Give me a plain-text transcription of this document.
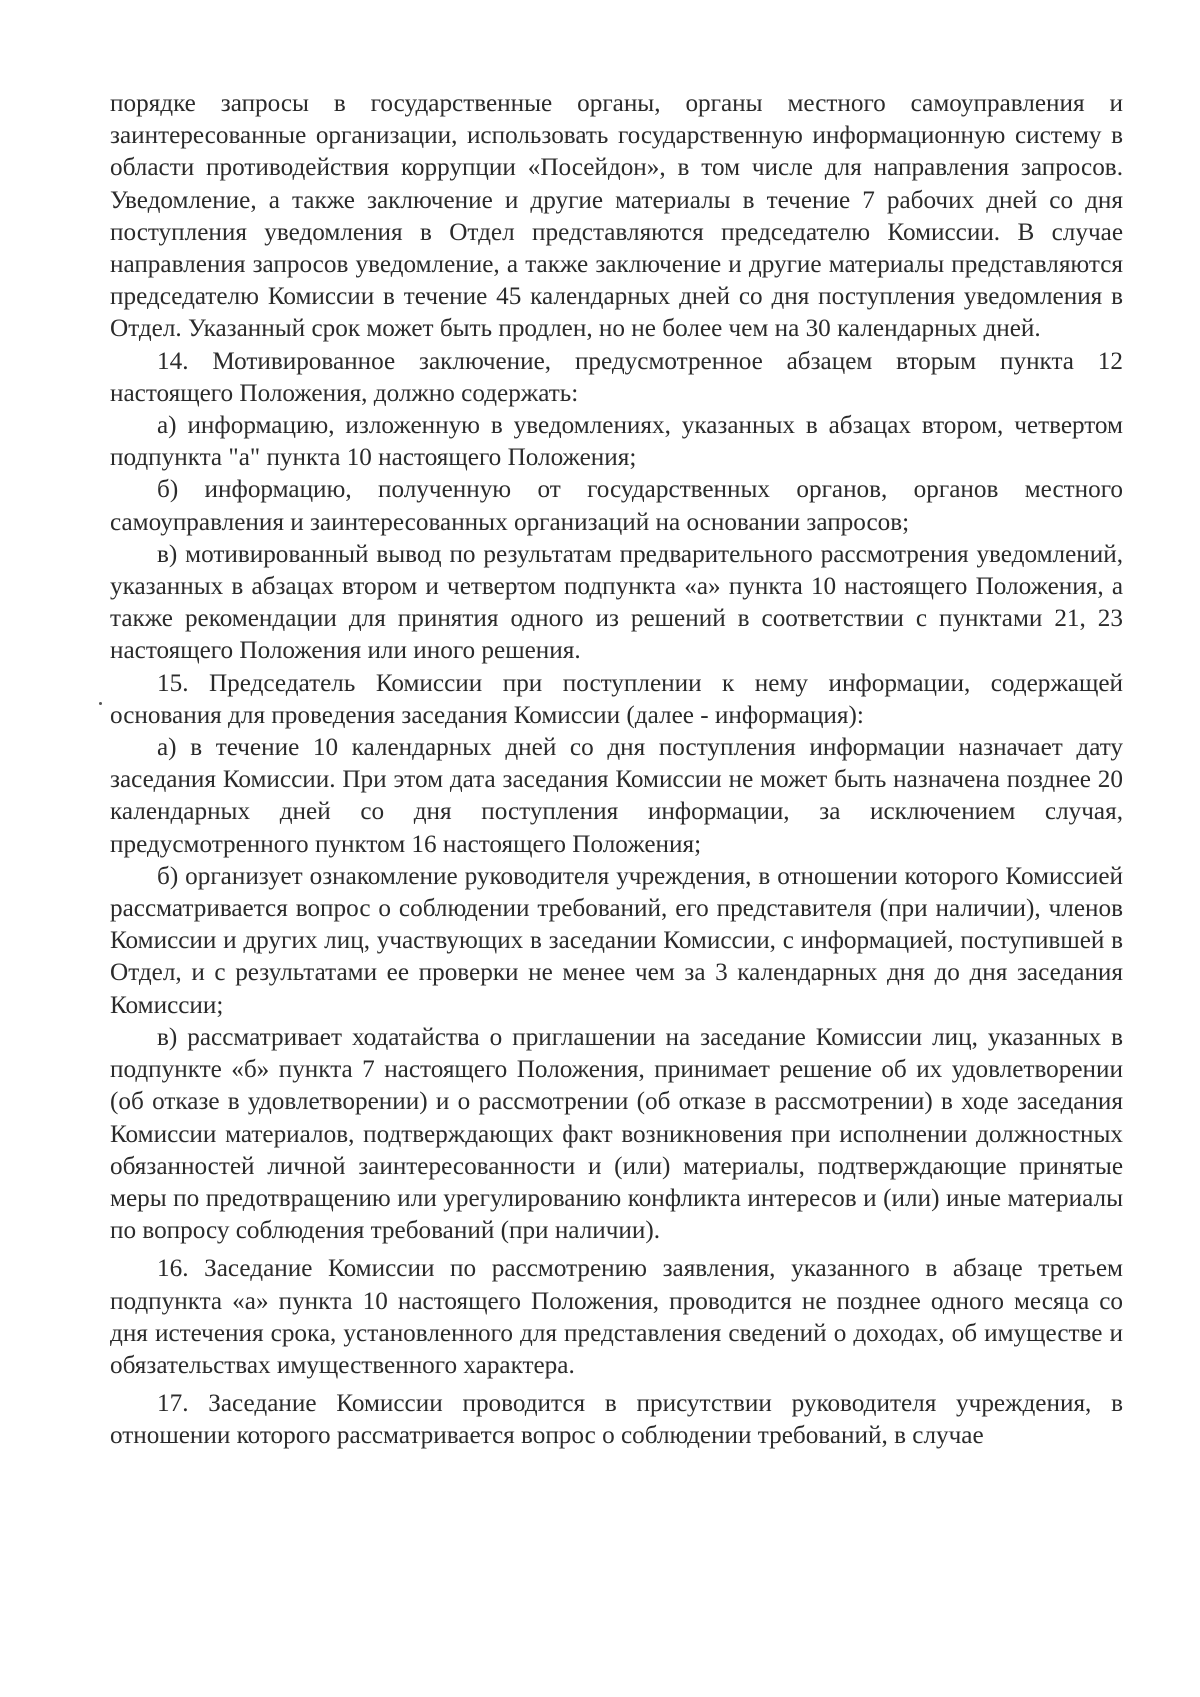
порядке запросы в государственные органы, органы местного самоуправления и заинтересованные организации, использовать государственную информационную систему в области противодействия коррупции «Посейдон», в том числе для направления запросов. Уведомление, а также заключение и другие материалы в течение 7 рабочих дней со дня поступления уведомления в Отдел представляются председателю Комиссии. В случае направления запросов уведомление, а также заключение и другие материалы представляются председателю Комиссии в течение 45 календарных дней со дня поступления уведомления в Отдел. Указанный срок может быть продлен, но не более чем на 30 календарных дней.

14. Мотивированное заключение, предусмотренное абзацем вторым пункта 12 настоящего Положения, должно содержать:

а) информацию, изложенную в уведомлениях, указанных в абзацах втором, четвертом подпункта "а" пункта 10 настоящего Положения;

б) информацию, полученную от государственных органов, органов местного самоуправления и заинтересованных организаций на основании запросов;

в) мотивированный вывод по результатам предварительного рассмотрения уведомлений, указанных в абзацах втором и четвертом подпункта «а» пункта 10 настоящего Положения, а также рекомендации для принятия одного из решений в соответствии с пунктами 21, 23 настоящего Положения или иного решения.

15. Председатель Комиссии при поступлении к нему информации, содержащей основания для проведения заседания Комиссии (далее - информация):

а) в течение 10 календарных дней со дня поступления информации назначает дату заседания Комиссии. При этом дата заседания Комиссии не может быть назначена позднее 20 календарных дней со дня поступления информации, за исключением случая, предусмотренного пунктом 16 настоящего Положения;

б) организует ознакомление руководителя учреждения, в отношении которого Комиссией рассматривается вопрос о соблюдении требований, его представителя (при наличии), членов Комиссии и других лиц, участвующих в заседании Комиссии, с информацией, поступившей в Отдел, и с результатами ее проверки не менее чем за 3 календарных дня до дня заседания Комиссии;

в) рассматривает ходатайства о приглашении на заседание Комиссии лиц, указанных в подпункте «б» пункта 7 настоящего Положения, принимает решение об их удовлетворении (об отказе в удовлетворении) и о рассмотрении (об отказе в рассмотрении) в ходе заседания Комиссии материалов, подтверждающих факт возникновения при исполнении должностных обязанностей личной заинтересованности и (или) материалы, подтверждающие принятые меры по предотвращению или урегулированию конфликта интересов и (или) иные материалы по вопросу соблюдения требований (при наличии).

16. Заседание Комиссии по рассмотрению заявления, указанного в абзаце третьем подпункта «а» пункта 10 настоящего Положения, проводится не позднее одного месяца со дня истечения срока, установленного для представления сведений о доходах, об имуществе и обязательствах имущественного характера.

17. Заседание Комиссии проводится в присутствии руководителя учреждения, в отношении которого рассматривается вопрос о соблюдении требований, в случае
